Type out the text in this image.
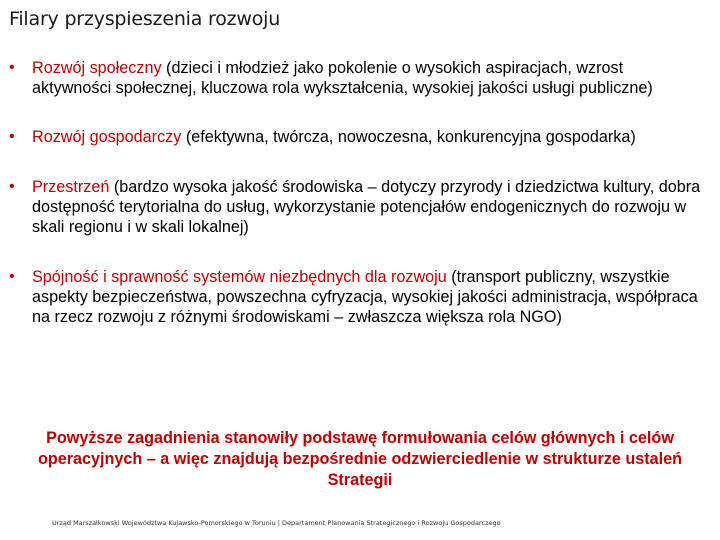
Filary przyspieszenia rozwoju
• Rozwój społeczny (dzieci i młodzież jako pokolenie o wysokich aspiracjach, wzrost aktywności społecznej, kluczowa rola wykształcenia, wysokiej jakości usługi publiczne)
• Rozwój gospodarczy (efektywna, twórcza, nowoczesna, konkurencyjna gospodarka)
• Przestrzeń (bardzo wysoka jakość środowiska – dotyczy przyrody i dziedzictwa kultury, dobra dostępność terytorialna do usług, wykorzystanie potencjałów endogenicznych do rozwoju w skali regionu i w skali lokalnej)
• Spójność i sprawność systemów niezbędnych dla rozwoju (transport publiczny, wszystkie aspekty bezpieczeństwa, powszechna cyfryzacja, wysokiej jakości administracja, współpraca na rzecz rozwoju z różnymi środowiskami – zwłaszcza większa rola NGO)
Powyższe zagadnienia stanowiły podstawę formułowania celów głównych i celów operacyjnych – a więc znajdują bezpośrednie odzwierciedlenie w strukturze ustaleń Strategii
Urząd Marszałkowski Województwa Kujawsko-Pomorskiego w Toruniu | Departament Planowania Strategicznego i Rozwoju Gospodarczego
